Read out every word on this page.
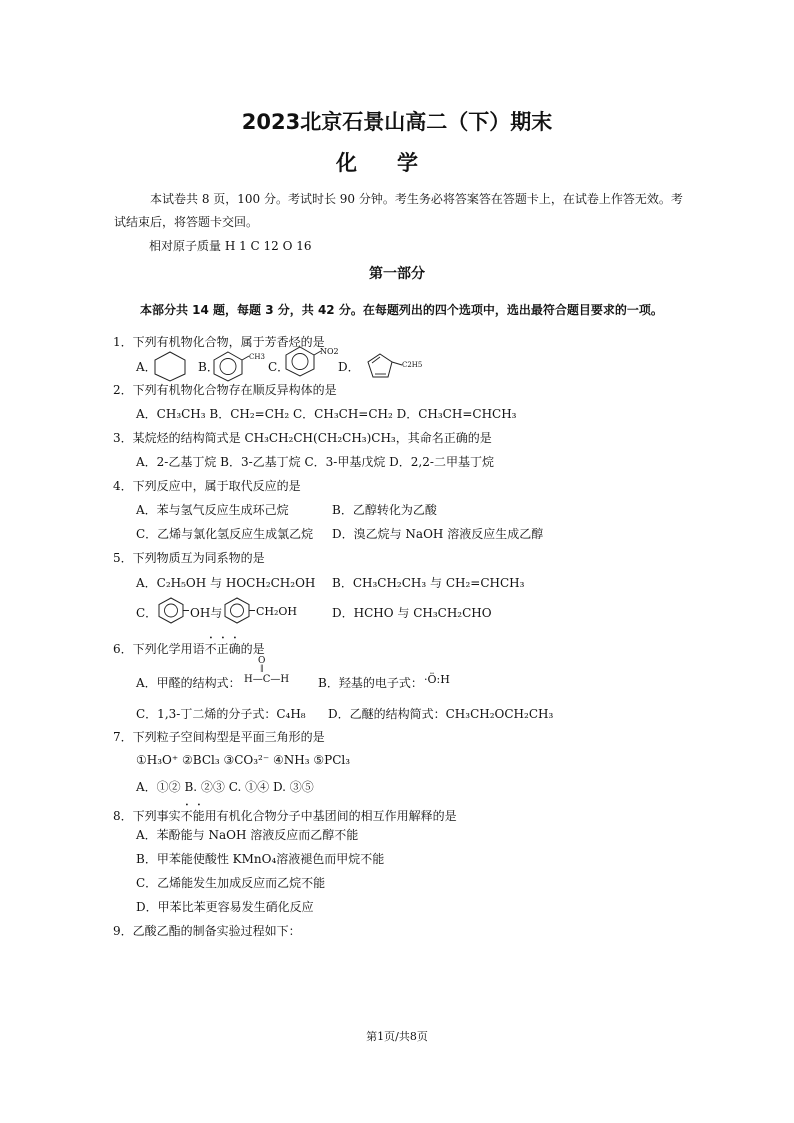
2023北京石景山高二（下）期末
化学
本试卷共 8 页，100 分。考试时长 90 分钟。考生务必将答案答在答题卡上，在试卷上作答无效。考试结束后，将答题卡交回。
相对原子质量 H 1 C 12 O 16
第一部分
本部分共 14 题，每题 3 分，共 42 分。在每题列出的四个选项中，选出最符合题目要求的一项。
1．下列有机物化合物，属于芳香烃的是
A．	B．
CH3
C．
NO2
D．	C2H5
2．下列有机物化合物存在顺反异构体的是
A．CH₃CH₃ B．CH₂=CH₂ C．CH₃CH=CH₂ D．CH₃CH=CHCH₃
3．某烷烃的结构简式是 CH₃CH₂CH(CH₂CH₃)CH₃，其命名正确的是
A．2-乙基丁烷 B．3-乙基丁烷 C．3-甲基戊烷 D．2,2-二甲基丁烷
4．下列反应中，属于取代反应的是
A．苯与氢气反应生成环己烷	B．乙醇转化为乙酸
C．乙烯与氯化氢反应生成氯乙烷 D．溴乙烷与 NaOH 溶液反应生成乙醇
5．下列物质互为同系物的是
A．C₂H₅OH 与 HOCH₂CH₂OH B．CH₃CH₂CH₃ 与 CH₂=CHCH₃
C．	OH与	CH₂OH	D．HCHO 与 CH₃CH₂CHO
6．下列化学用语不正确的是
A．甲醛的结构式：
O
‖
H—C—H B．羟基的电子式： ·Ö:H
C．1,3-丁二烯的分子式：C₄H₈ D．乙醚的结构简式：CH₃CH₂OCH₂CH₃
7．下列粒子空间构型是平面三角形的是
①H₃O⁺ ②BCl₃ ③CO₃²⁻ ④NH₃ ⑤PCl₃
A．①② B. ②③ C. ①④ D. ③⑤
8．下列事实不能用有机化合物分子中基团间的相互作用解释的是
A．苯酚能与 NaOH 溶液反应而乙醇不能
B．甲苯能使酸性 KMnO₄溶液褪色而甲烷不能
C．乙烯能发生加成反应而乙烷不能
D．甲苯比苯更容易发生硝化反应
9．乙酸乙酯的制备实验过程如下：
第1页/共8页
